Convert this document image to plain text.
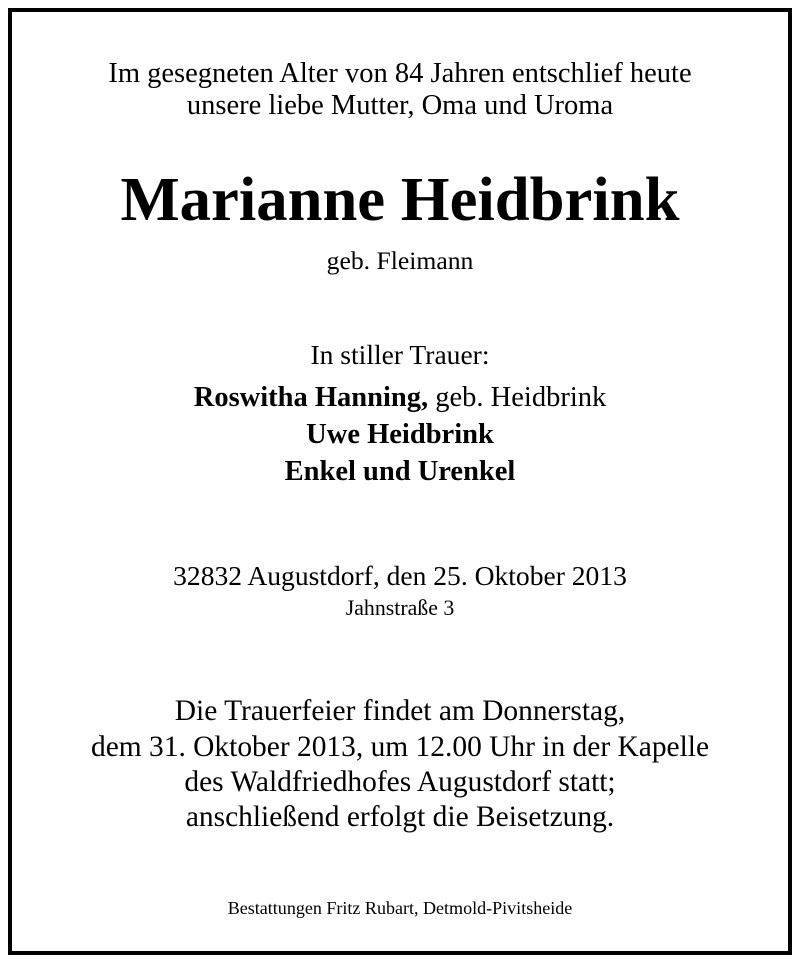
Im gesegneten Alter von 84 Jahren entschlief heute
unsere liebe Mutter, Oma und Uroma
Marianne Heidbrink
geb. Fleimann
In stiller Trauer:
Roswitha Hanning, geb. Heidbrink
Uwe Heidbrink
Enkel und Urenkel
32832 Augustdorf, den 25. Oktober 2013
Jahnstraße 3
Die Trauerfeier findet am Donnerstag,
dem 31. Oktober 2013, um 12.00 Uhr in der Kapelle
des Waldfriedhofes Augustdorf statt;
anschließend erfolgt die Beisetzung.
Bestattungen Fritz Rubart, Detmold-Pivitsheide
